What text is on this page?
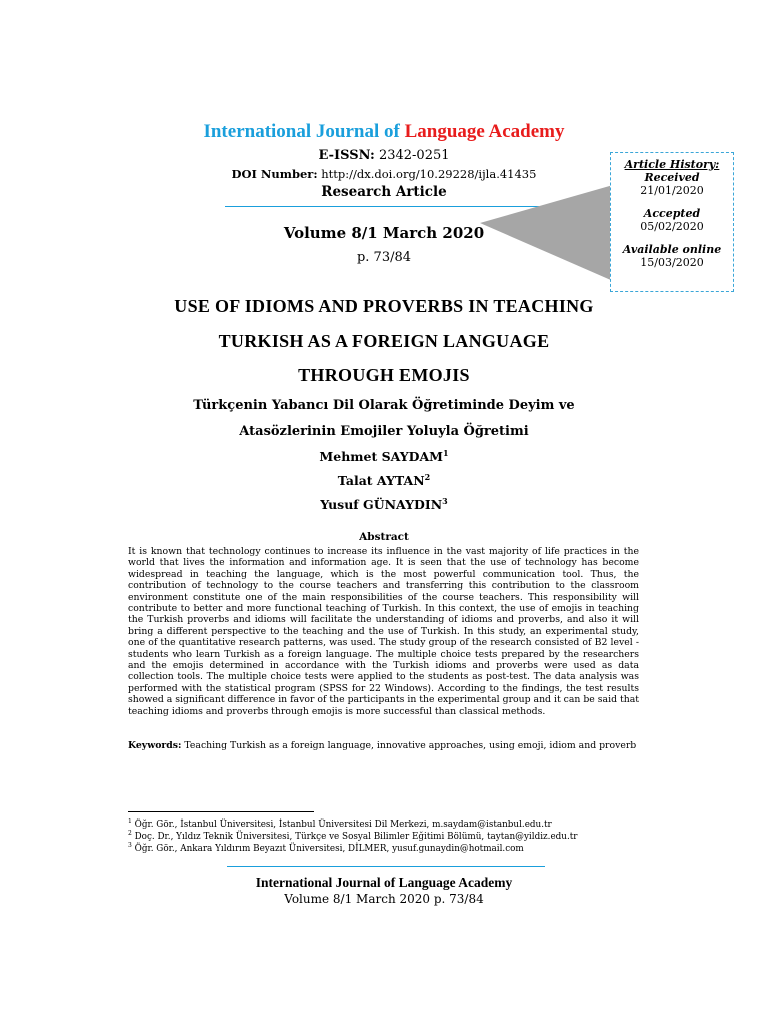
International Journal of Language Academy
E-ISSN: 2342-0251
DOI Number: http://dx.doi.org/10.29228/ijla.41435
Research Article
Volume 8/1 March 2020
p. 73/84
Article History:
Received
21/01/2020
Accepted
05/02/2020
Available online
15/03/2020
USE OF IDIOMS AND PROVERBS IN TEACHING
TURKISH AS A FOREIGN LANGUAGE
THROUGH EMOJIS
Türkçenin Yabancı Dil Olarak Öğretiminde Deyim ve
Atasözlerinin Emojiler Yoluyla Öğretimi
Mehmet SAYDAM$^1$
Talat AYTAN$^2$
Yusuf GÜNAYDIN$^3$
Abstract
It is known that technology continues to increase its influence in the vast majority of life practices in the world that lives the information and information age. It is seen that the use of technology has become widespread in teaching the language, which is the most powerful communication tool. Thus, the contribution of technology to the course teachers and transferring this contribution to the classroom environment constitute one of the main responsibilities of the course teachers. This responsibility will contribute to better and more functional teaching of Turkish. In this context, the use of emojis in teaching the Turkish proverbs and idioms will facilitate the understanding of idioms and proverbs, and also it will bring a different perspective to the teaching and the use of Turkish. In this study, an experimental study, one of the quantitative research patterns, was used. The study group of the research consisted of B2 level - students who learn Turkish as a foreign language. The multiple choice tests prepared by the researchers and the emojis determined in accordance with the Turkish idioms and proverbs were used as data collection tools. The multiple choice tests were applied to the students as post-test. The data analysis was performed with the statistical program (SPSS for 22 Windows). According to the findings, the test results showed a significant difference in favor of the participants in the experimental group and it can be said that teaching idioms and proverbs through emojis is more successful than classical methods.
Keywords: Teaching Turkish as a foreign language, innovative approaches, using emoji, idiom and proverb
$^1$ Öğr. Gör., İstanbul Üniversitesi, İstanbul Üniversitesi Dil Merkezi, m.saydam@istanbul.edu.tr
$^2$ Doç. Dr., Yıldız Teknik Üniversitesi, Türkçe ve Sosyal Bilimler Eğitimi Bölümü, taytan@yildiz.edu.tr
$^3$ Öğr. Gör., Ankara Yıldırım Beyazıt Üniversitesi, DİLMER, yusuf.gunaydin@hotmail.com
International Journal of Language Academy
Volume 8/1 March 2020 p. 73/84
